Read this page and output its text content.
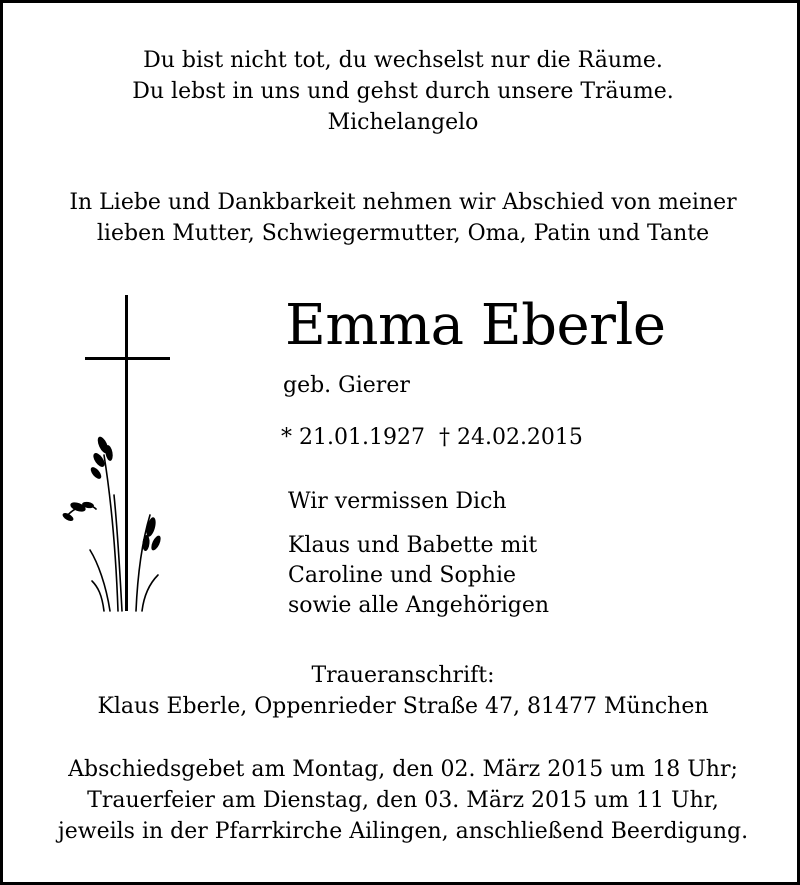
Du bist nicht tot, du wechselst nur die Räume.
Du lebst in uns und gehst durch unsere Träume.
Michelangelo
In Liebe und Dankbarkeit nehmen wir Abschied von meiner
lieben Mutter, Schwiegermutter, Oma, Patin und Tante
Emma Eberle
geb. Gierer
* 21.01.1927 † 24.02.2015
Wir vermissen Dich
Klaus und Babette mit
Caroline und Sophie
sowie alle Angehörigen
Traueranschrift:
Klaus Eberle, Oppenrieder Straße 47, 81477 München
Abschiedsgebet am Montag, den 02. März 2015 um 18 Uhr;
Trauerfeier am Dienstag, den 03. März 2015 um 11 Uhr,
jeweils in der Pfarrkirche Ailingen, anschließend Beerdigung.
